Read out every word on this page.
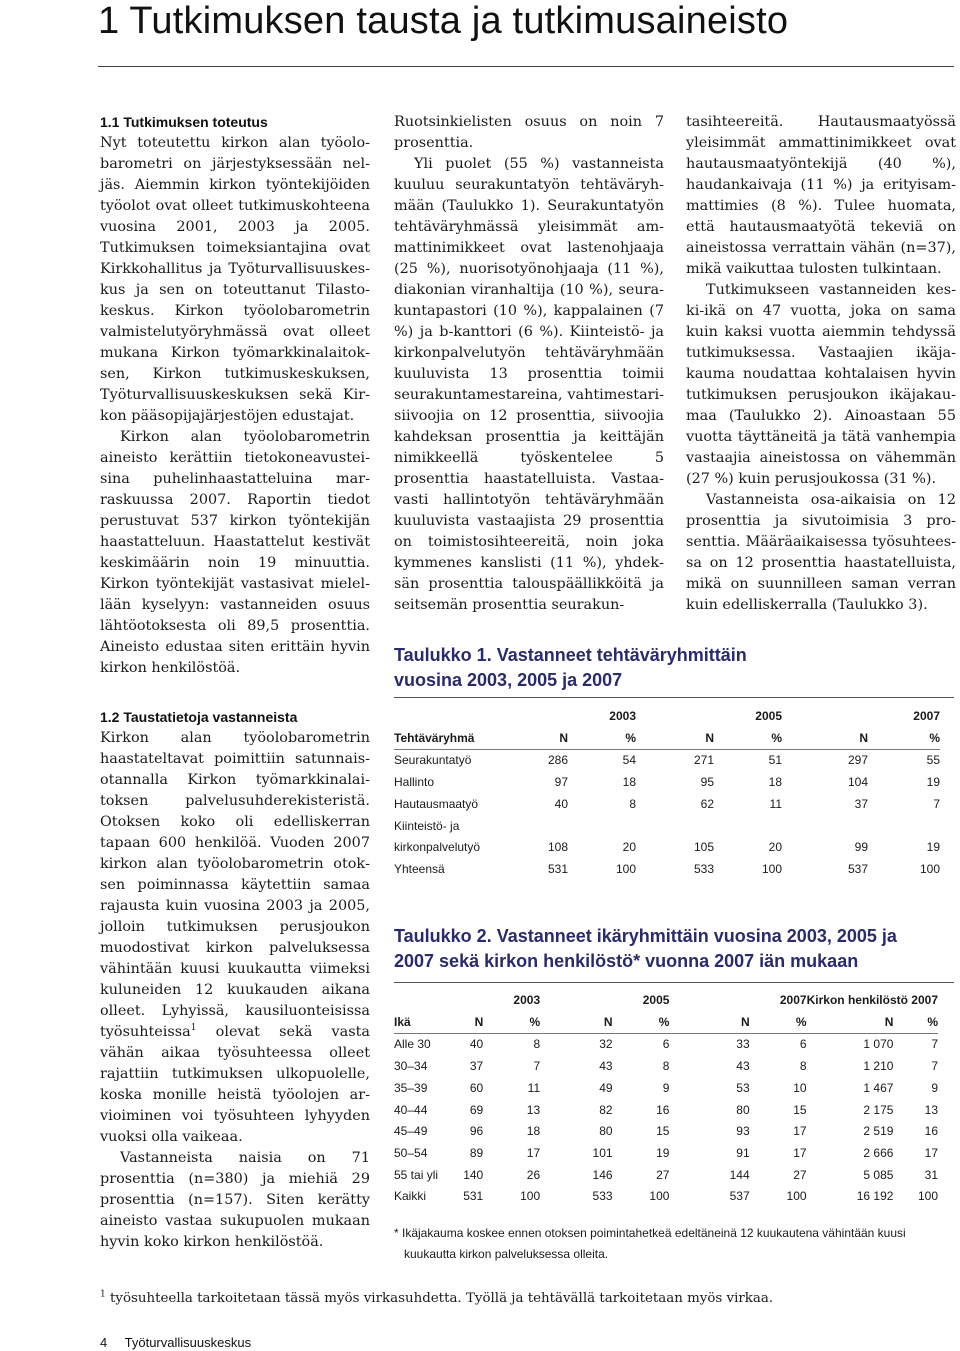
1 Tutkimuksen tausta ja tutkimusaineisto
1.1 Tutkimuksen toteutus

Nyt toteutettu kirkon alan työolobarometri on järjestyksessään neljäs. Aiemmin kirkon työntekijöiden työolot ovat olleet tutkimuskohteena vuosina 2001, 2003 ja 2005. Tutkimuksen toimeksiantajina ovat Kirkkohallitus ja Työturvallisuuskeskus ja sen on toteuttanut Tilastokeskus. Kirkon työolobarometrin valmistelutyöryhmässä ovat olleet mukana Kirkon työmarkkinalaitoksen, Kirkon tutkimuskeskuksen, Työturvallisuuskeskuksen sekä Kirkon pääsopijajärjestöjen edustajat.

Kirkon alan työolobarometrin aineisto kerättiin tietokoneavusteisina puhelinhaastatteluina marraskuussa 2007. Raportin tiedot perustuvat 537 kirkon työntekijän haastatteluun. Haastattelut kestivät keskimäärin noin 19 minuuttia. Kirkon työntekijät vastasivat mielellään kyselyyn: vastanneiden osuus lähtöotoksesta oli 89,5 prosenttia. Aineisto edustaa siten erittäin hyvin kirkon henkilöstöä.

Ruotsinkielisten osuus on noin 7 prosenttia.

Yli puolet (55 %) vastanneista kuuluu seurakuntatyön tehtäväryhmään (Taulukko 1). Seurakuntatyön tehtäväryhmässä yleisimmät ammattinimikkeet ovat lastenohjaaja (25 %), nuorisotyönohjaaja (11 %), diakonian viranhaltija (10 %), seurakuntapastori (10 %), kappalainen (7 %) ja b-kanttori (6 %). Kiinteistö- ja kirkonpalvelutyön tehtäväryhmään kuuluvista 13 prosenttia toimii seurakuntamestareina, vahtimestari-siivoojia on 12 prosenttia, siivoojia kahdeksan prosenttia ja keittäjän nimikkeellä työskentelee 5 prosenttia haastatelluista. Vastaavasti hallintotyön tehtäväryhmään kuuluvista vastaajista 29 prosenttia on toimistosihteereitä, noin joka kymmenes kanslisti (11 %), yhdeksän prosenttia talouspäällikköitä ja seitsemän prosenttia seurakun-

tasihteereitä. Hautausmaatyössä yleisimmät ammattinimikkeet ovat hautausmaatyöntekijä (40 %), haudankaivaja (11 %) ja erityisammattimies (8 %). Tulee huomata, että hautausmaatyötä tekeviä on aineistossa verrattain vähän (n=37), mikä vaikuttaa tulosten tulkintaan.

Tutkimukseen vastanneiden keski-ikä on 47 vuotta, joka on sama kuin kaksi vuotta aiemmin tehdyssä tutkimuksessa. Vastaajien ikäjakauma noudattaa kohtalaisen hyvin tutkimuksen perusjoukon ikäjakaumaa (Taulukko 2). Ainoastaan 55 vuotta täyttäneitä ja tätä vanhempia vastaajia aineistossa on vähemmän (27 %) kuin perusjoukossa (31 %).

Vastanneista osa-aikaisia on 12 prosenttia ja sivutoimisia 3 prosenttia. Määräaikaisessa työsuhteessa on 12 prosenttia haastatelluista, mikä on suunnilleen saman verran kuin edelliskerralla (Taulukko 3).

1.2 Taustatietoja vastanneista

Kirkon alan työolobarometrin haastateltavat poimittiin satunnaisotannalla Kirkon työmarkkinalaitoksen palvelusuhderekisteristä. Otoksen koko oli edelliskerran tapaan 600 henkilöä. Vuoden 2007 kirkon alan työolobarometrin otoksen poiminnassa käytettiin samaa rajausta kuin vuosina 2003 ja 2005, jolloin tutkimuksen perusjoukon muodostivat kirkon palveluksessa vähintään kuusi kuukautta viimeksi kuluneiden 12 kuukauden aikana olleet. Lyhyissä, kausiluonteisissa työsuhteissa$^1$ olevat sekä vasta vähän aikaa työsuhteessa olleet rajattiin tutkimuksen ulkopuolelle, koska monille heistä työolojen arvioiminen voi työsuhteen lyhyyden vuoksi olla vaikeaa.

Vastanneista naisia on 71 prosenttia (n=380) ja miehiä 29 prosenttia (n=157). Siten kerätty aineisto vastaa sukupuolen mukaan hyvin koko kirkon henkilöstöä.

Taulukko 1. Vastanneet tehtäväryhmittäin
vuosina 2003, 2005 ja 2007
	2003		2005		2007	
Tehtäväryhmä	N	%	N	%	N	%
Seurakuntatyö	286	54	271	51	297	55
Hallinto	97	18	95	18	104	19
Hautausmaatyö	40	8	62	11	37	7
Kiinteistö- ja						
kirkonpalvelutyö	108	20	105	20	99	19
Yhteensä	531	100	533	100	537	100
Taulukko 2. Vastanneet ikäryhmittäin vuosina 2003, 2005 ja
2007 sekä kirkon henkilöstö* vuonna 2007 iän mukaan
	2003		2005		2007		Kirkon henkilöstö 2007	
Ikä	N	%	N	%	N	%	N	%
Alle 30	40	8	32	6	33	6	1 070	7
30–34	37	7	43	8	43	8	1 210	7
35–39	60	11	49	9	53	10	1 467	9
40–44	69	13	82	16	80	15	2 175	13
45–49	96	18	80	15	93	17	2 519	16
50–54	89	17	101	19	91	17	2 666	17
55 tai yli	140	26	146	27	144	27	5 085	31
Kaikki	531	100	533	100	537	100	16 192	100
* Ikäjakauma koskee ennen otoksen poimintahetkeä edeltäneinä 12 kuukautena vähintään kuusi
kuukautta kirkon palveluksessa olleita.
$^1$ työsuhteella tarkoitetaan tässä myös virkasuhdetta. Työllä ja tehtävällä tarkoitetaan myös virkaa.
4 Työturvallisuuskeskus
